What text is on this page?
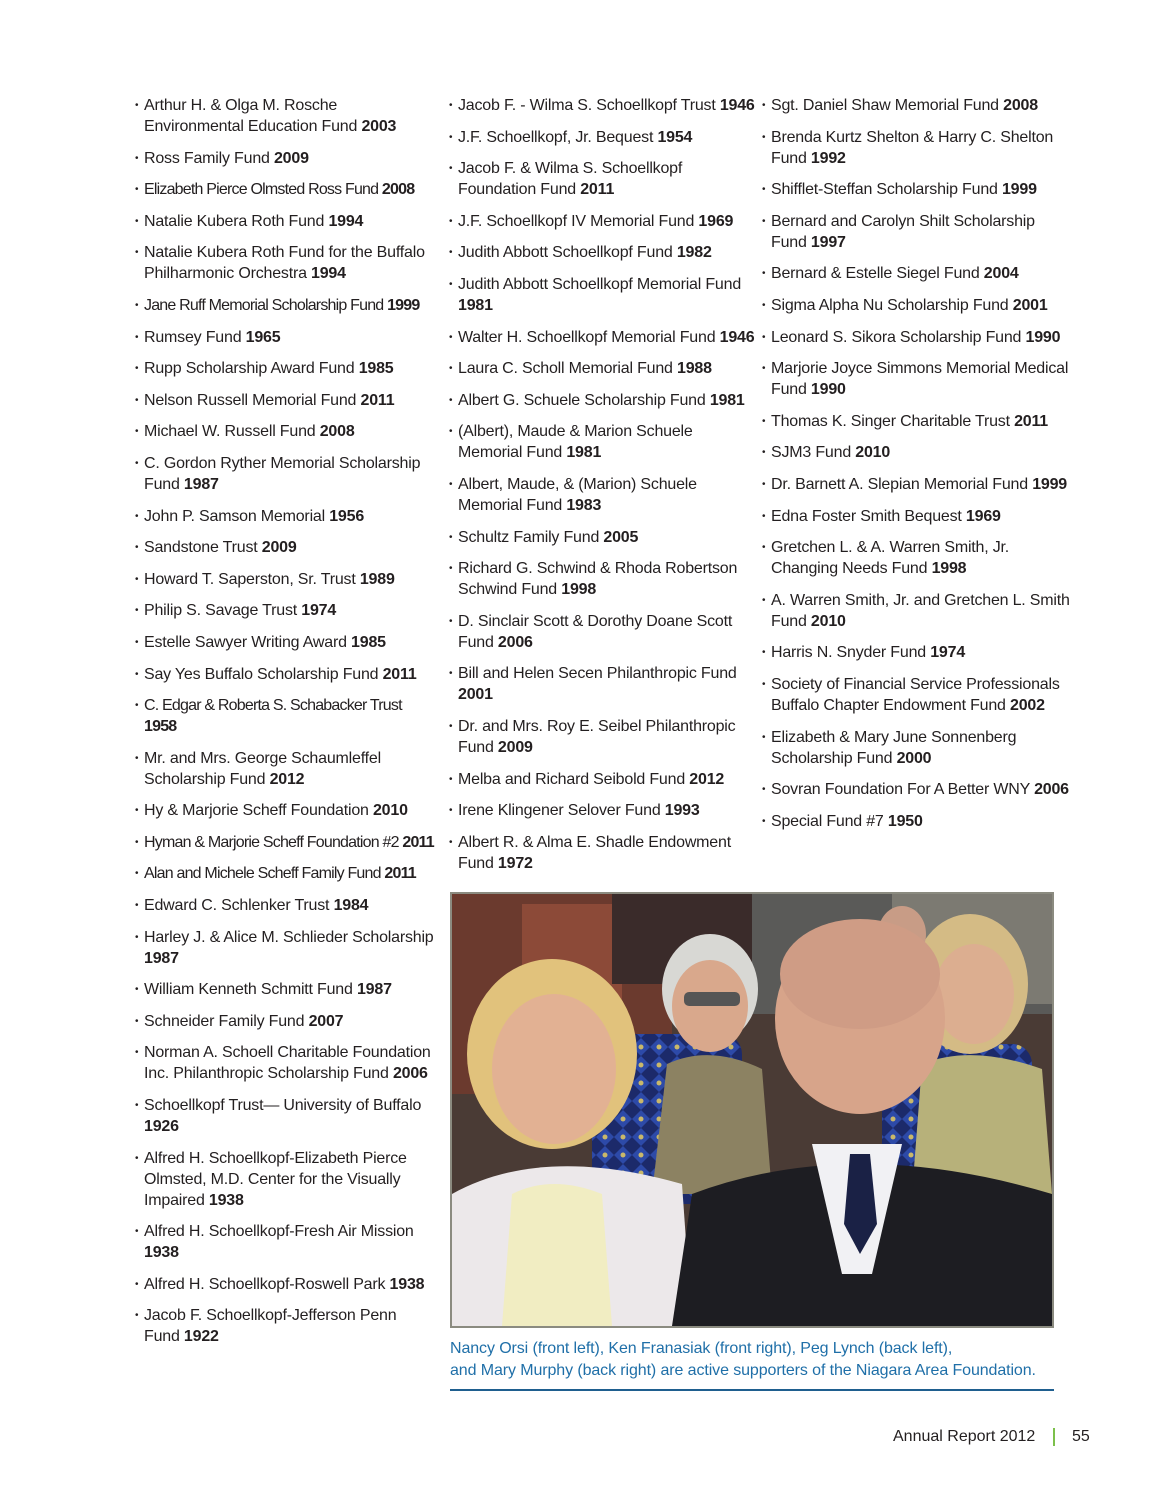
• Arthur H. & Olga M. Rosche Environmental Education Fund 2003
• Ross Family Fund 2009
• Elizabeth Pierce Olmsted Ross Fund 2008
• Natalie Kubera Roth Fund 1994
• Natalie Kubera Roth Fund for the Buffalo Philharmonic Orchestra 1994
• Jane Ruff Memorial Scholarship Fund 1999
• Rumsey Fund 1965
• Rupp Scholarship Award Fund 1985
• Nelson Russell Memorial Fund 2011
• Michael W. Russell Fund 2008
• C. Gordon Ryther Memorial Scholarship Fund 1987
• John P. Samson Memorial 1956
• Sandstone Trust 2009
• Howard T. Saperston, Sr. Trust 1989
• Philip S. Savage Trust 1974
• Estelle Sawyer Writing Award 1985
• Say Yes Buffalo Scholarship Fund 2011
• C. Edgar & Roberta S. Schabacker Trust 1958
• Mr. and Mrs. George Schaumleffel Scholarship Fund 2012
• Hy & Marjorie Scheff Foundation 2010
• Hyman & Marjorie Scheff Foundation #2 2011
• Alan and Michele Scheff Family Fund 2011
• Edward C. Schlenker Trust 1984
• Harley J. & Alice M. Schlieder Scholarship 1987
• William Kenneth Schmitt Fund 1987
• Schneider Family Fund 2007
• Norman A. Schoell Charitable Foundation Inc. Philanthropic Scholarship Fund 2006
• Schoellkopf Trust— University of Buffalo 1926
• Alfred H. Schoellkopf-Elizabeth Pierce Olmsted, M.D. Center for the Visually Impaired 1938
• Alfred H. Schoellkopf-Fresh Air Mission 1938
• Alfred H. Schoellkopf-Roswell Park 1938
• Jacob F. Schoellkopf-Jefferson Penn Fund 1922
• Jacob F. - Wilma S. Schoellkopf Trust 1946
• J.F. Schoellkopf, Jr. Bequest 1954
• Jacob F. & Wilma S. Schoellkopf Foundation Fund 2011
• J.F. Schoellkopf IV Memorial Fund 1969
• Judith Abbott Schoellkopf Fund 1982
• Judith Abbott Schoellkopf Memorial Fund 1981
• Walter H. Schoellkopf Memorial Fund 1946
• Laura C. Scholl Memorial Fund 1988
• Albert G. Schuele Scholarship Fund 1981
• (Albert), Maude & Marion Schuele Memorial Fund 1981
• Albert, Maude, & (Marion) Schuele Memorial Fund 1983
• Schultz Family Fund 2005
• Richard G. Schwind & Rhoda Robertson Schwind Fund 1998
• D. Sinclair Scott & Dorothy Doane Scott Fund 2006
• Bill and Helen Secen Philanthropic Fund 2001
• Dr. and Mrs. Roy E. Seibel Philanthropic Fund 2009
• Melba and Richard Seibold Fund 2012
• Irene Klingener Selover Fund 1993
• Albert R. & Alma E. Shadle Endowment Fund 1972
• Sgt. Daniel Shaw Memorial Fund 2008
• Brenda Kurtz Shelton & Harry C. Shelton Fund 1992
• Shifflet-Steffan Scholarship Fund 1999
• Bernard and Carolyn Shilt Scholarship Fund 1997
• Bernard & Estelle Siegel Fund 2004
• Sigma Alpha Nu Scholarship Fund 2001
• Leonard S. Sikora Scholarship Fund 1990
• Marjorie Joyce Simmons Memorial Medical Fund 1990
• Thomas K. Singer Charitable Trust 2011
• SJM3 Fund 2010
• Dr. Barnett A. Slepian Memorial Fund 1999
• Edna Foster Smith Bequest 1969
• Gretchen L. & A. Warren Smith, Jr. Changing Needs Fund 1998
• A. Warren Smith, Jr. and Gretchen L. Smith Fund 2010
• Harris N. Snyder Fund 1974
• Society of Financial Service Professionals Buffalo Chapter Endowment Fund 2002
• Elizabeth & Mary June Sonnenberg Scholarship Fund 2000
• Sovran Foundation For A Better WNY 2006
• Special Fund #7 1950
Nancy Orsi (front left), Ken Franasiak (front right), Peg Lynch (back left),
and Mary Murphy (back right) are active supporters of the Niagara Area Foundation.
Annual Report 2012 55
